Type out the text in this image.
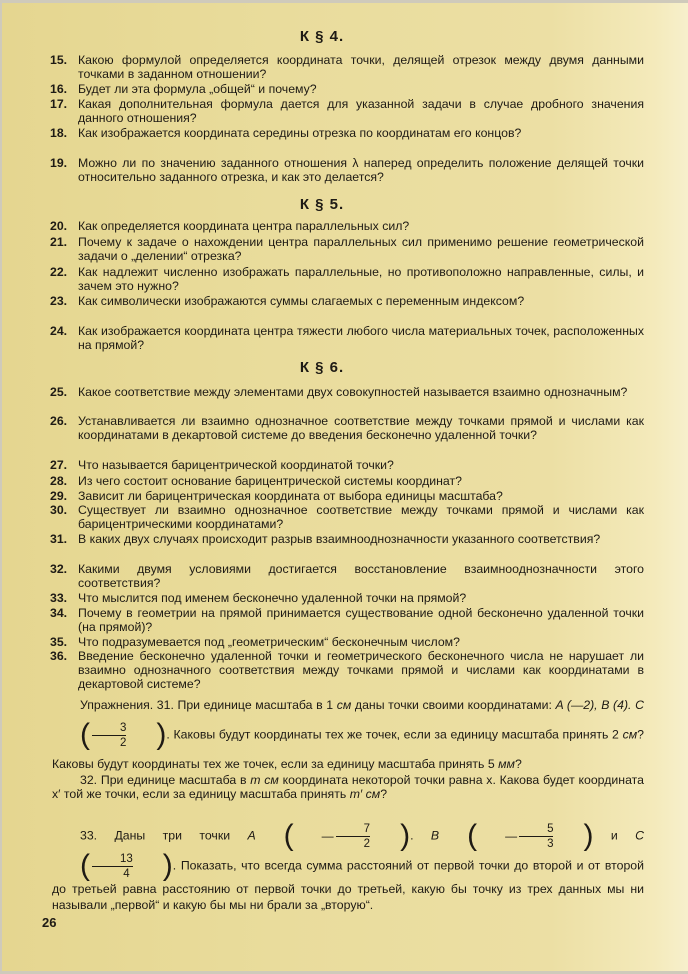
К § 4.
15. Какою формулой определяется координата точки, делящей отрезок между двумя данными точками в заданном отношении?
16. Будет ли эта формула „общей“ и почему?
17. Какая дополнительная формула дается для указанной задачи в случае дробного значения данного отношения?
18. Как изображается координата середины отрезка по координатам его концов?
19. Можно ли по значению заданного отношения λ наперед определить положение делящей точки относительно заданного отрезка, и как это делается?
К § 5.
20. Как определяется координата центра параллельных сил?
21. Почему к задаче о нахождении центра параллельных сил применимо решение геометрической задачи о „делении“ отрезка?
22. Как надлежит численно изображать параллельные, но противоположно направленные, силы, и зачем это нужно?
23. Как символически изображаются суммы слагаемых с переменным индексом?
24. Как изображается координата центра тяжести любого числа материальных точек, расположенных на прямой?
К § 6.
25. Какое соответствие между элементами двух совокупностей называется взаимно однозначным?
26. Устанавливается ли взаимно однозначное соответствие между точками прямой и числами как координатами в декартовой системе до введения бесконечно удаленной точки?
27. Что называется барицентрической координатой точки?
28. Из чего состоит основание барицентрической системы координат?
29. Зависит ли барицентрическая координата от выбора единицы масштаба?
30. Существует ли взаимно однозначное соответствие между точками прямой и числами как барицентрическими координатами?
31. В каких двух случаях происходит разрыв взаимнооднозначности указанного соответствия?
32. Какими двумя условиями достигается восстановление взаимнооднозначности этого соответствия?
33. Что мыслится под именем бесконечно удаленной точки на прямой?
34. Почему в геометрии на прямой принимается существование одной бесконечно удаленной точки (на прямой)?
35. Что подразумевается под „геометрическим“ бесконечным числом?
36. Введение бесконечно удаленной точки и геометрического бесконечного числа не нарушает ли взаимно однозначного соответствия между точками прямой и числами как координатами в декартовой системе?
Упражнения. 31. При единице масштаба в 1 см даны точки своими координатами: A (—2), B (4). C
(	3
2	) . Каковы будут координаты тех же точек, если за единицу масштаба принять 2 см? Каковы будут координаты тех же точек, если за единицу масштаба принять 5 мм?
32. При единице масштаба в m см координата некоторой точки равна x. Какова будет координата x′ той же точки, если за единицу масштаба принять m′ см?
33. Даны три точки A ( —
7
2	) . B ( —
5
3	) и C
(	13
4	) . Показать, что всегда сумма расстояний от первой точки до второй и от второй до третьей равна расстоянию от первой точки до третьей, какую бы точку из трех данных мы ни называли „первой“ и какую бы мы ни брали за „вторую“.
26
